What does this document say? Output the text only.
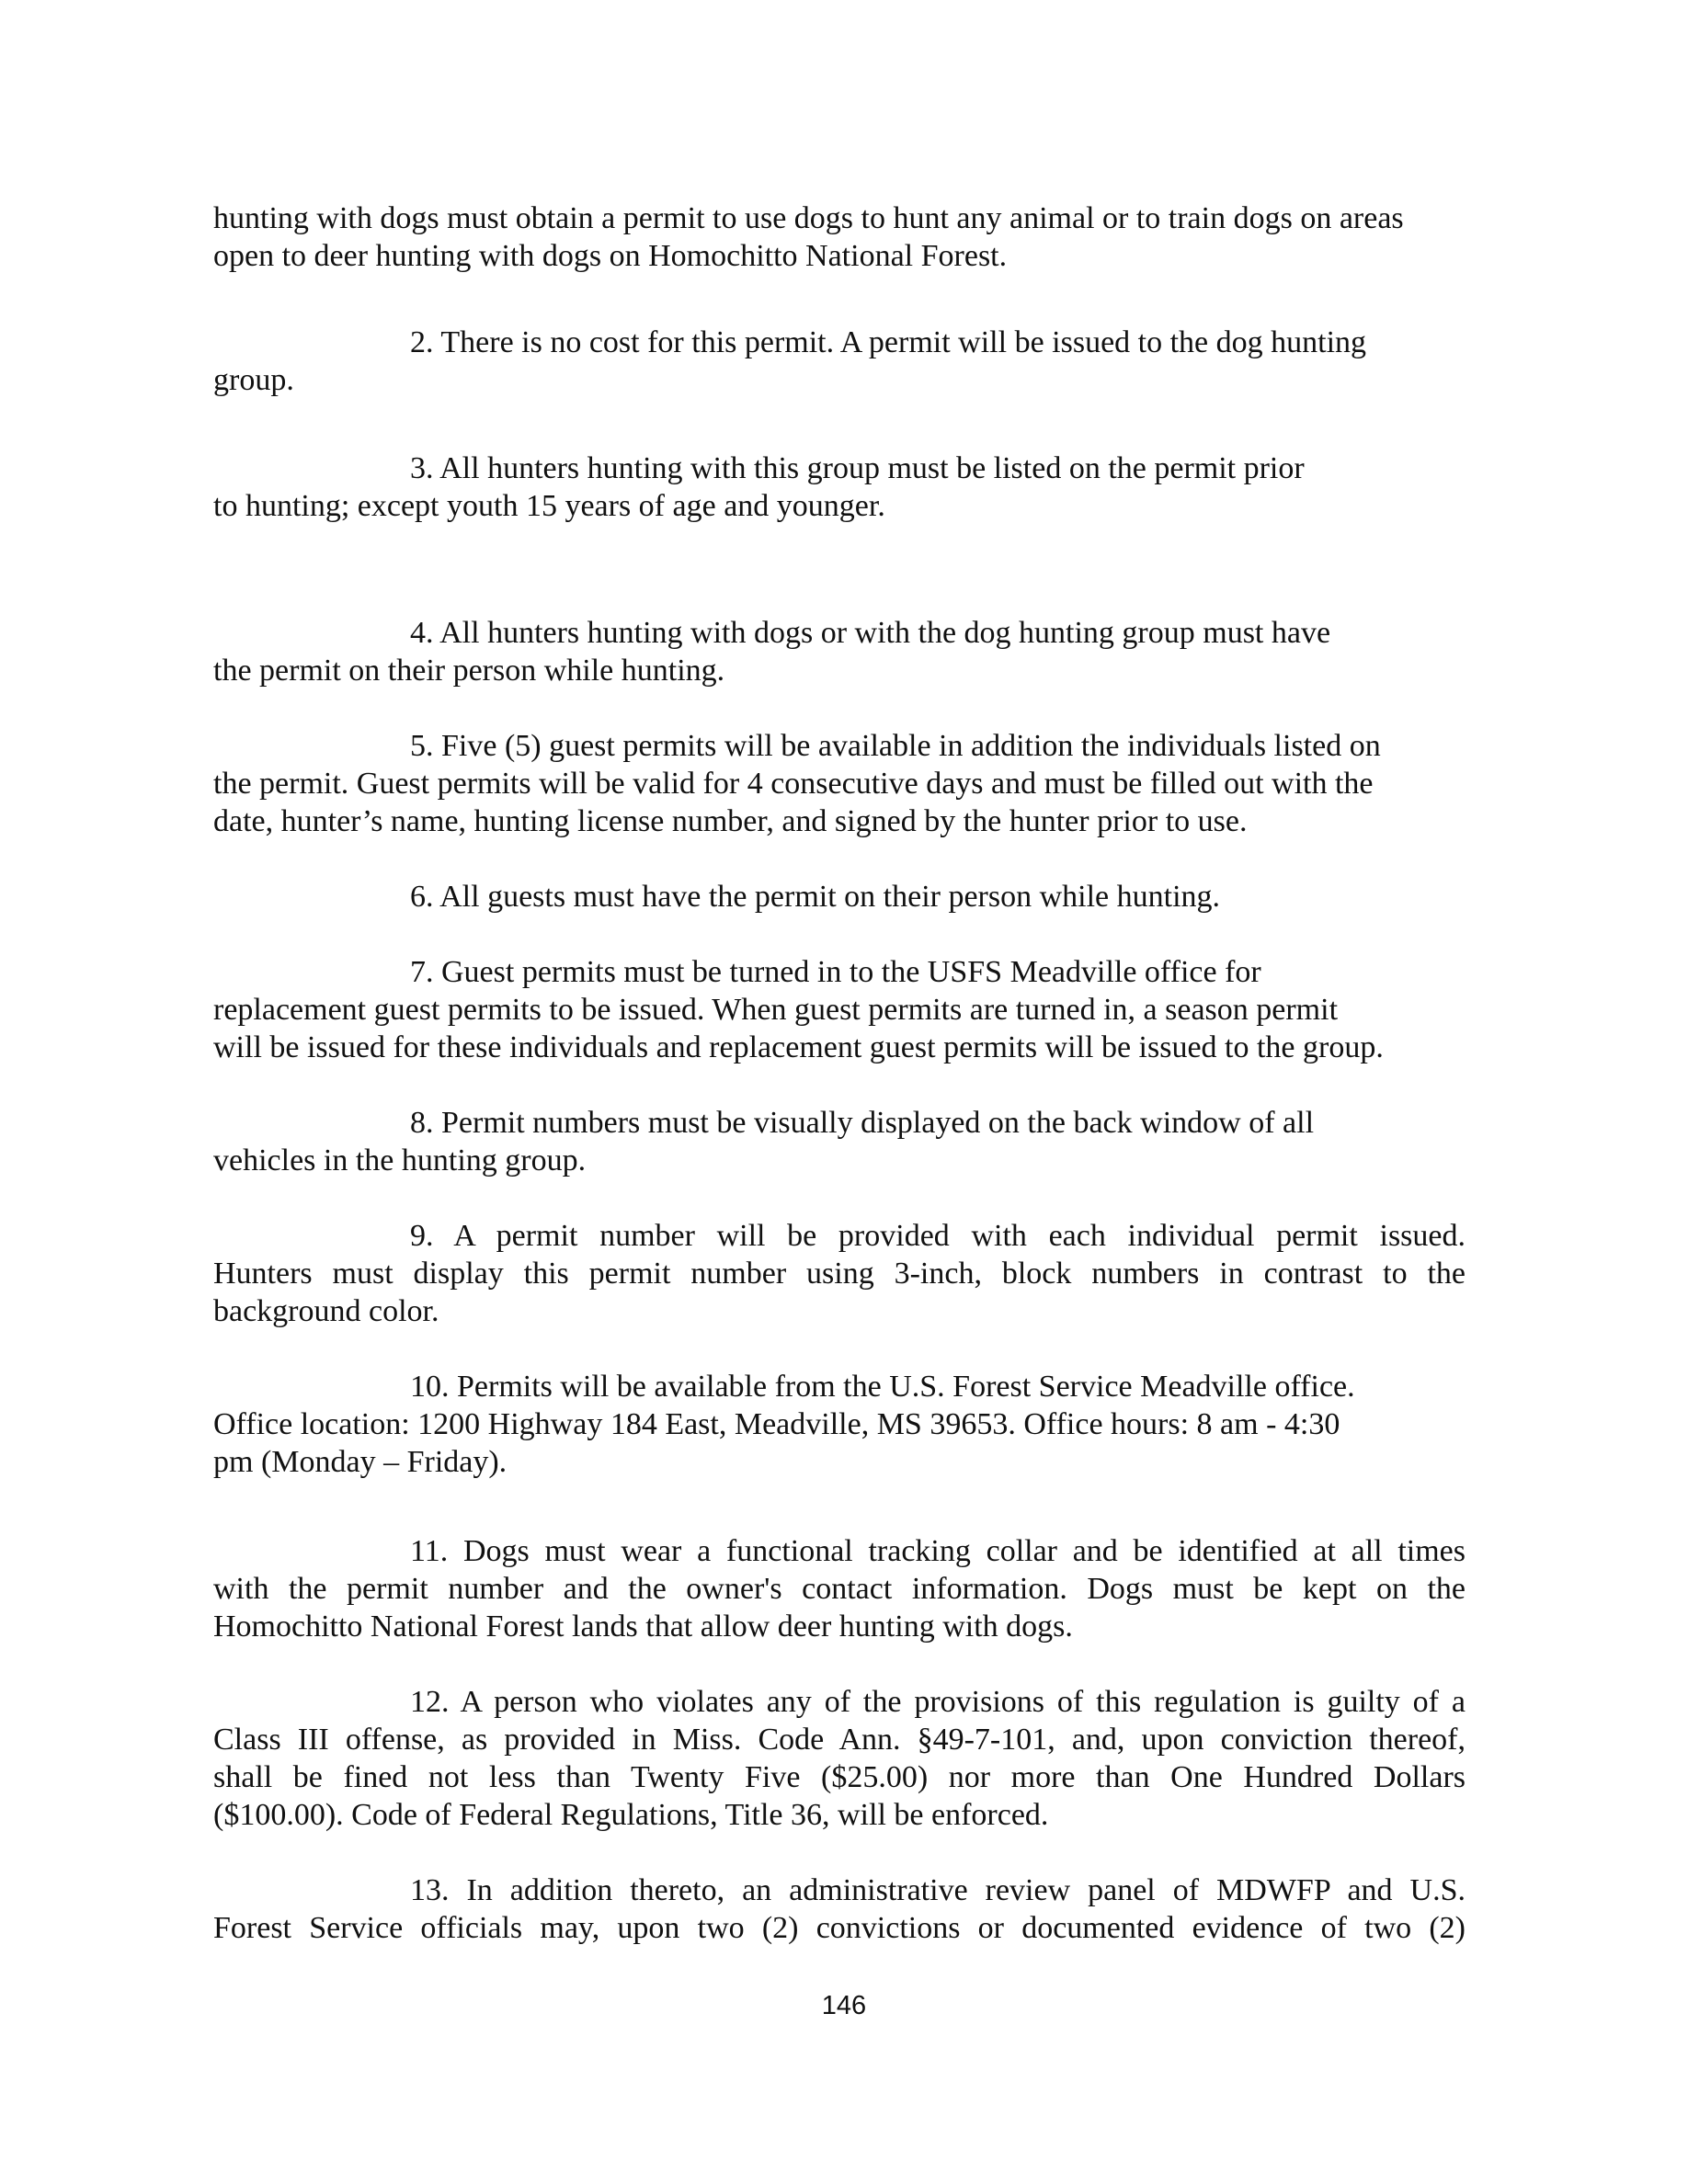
hunting with dogs must obtain a permit to use dogs to hunt any animal or to train dogs on areas
open to deer hunting with dogs on Homochitto National Forest.

2. There is no cost for this permit. A permit will be issued to the dog hunting
group.

3. All hunters hunting with this group must be listed on the permit prior
to hunting; except youth 15 years of age and younger.

4. All hunters hunting with dogs or with the dog hunting group must have
the permit on their person while hunting.

5. Five (5) guest permits will be available in addition the individuals listed on
the permit. Guest permits will be valid for 4 consecutive days and must be filled out with the
date, hunter’s name, hunting license number, and signed by the hunter prior to use.

6. All guests must have the permit on their person while hunting.

7. Guest permits must be turned in to the USFS Meadville office for
replacement guest permits to be issued. When guest permits are turned in, a season permit
will be issued for these individuals and replacement guest permits will be issued to the group.

8. Permit numbers must be visually displayed on the back window of all
vehicles in the hunting group.

9. A permit number will be provided with each individual permit issued.
Hunters must display this permit number using 3-inch, block numbers in contrast to the
background color.

10. Permits will be available from the U.S. Forest Service Meadville office.
Office location: 1200 Highway 184 East, Meadville, MS 39653. Office hours: 8 am - 4:30
pm (Monday – Friday).

11. Dogs must wear a functional tracking collar and be identified at all times
with the permit number and the owner's contact information. Dogs must be kept on the
Homochitto National Forest lands that allow deer hunting with dogs.

12. A person who violates any of the provisions of this regulation is guilty of a
Class III offense, as provided in Miss. Code Ann. §49-7-101, and, upon conviction thereof,
shall be fined not less than Twenty Five ($25.00) nor more than One Hundred Dollars
($100.00). Code of Federal Regulations, Title 36, will be enforced.

13. In addition thereto, an administrative review panel of MDWFP and U.S.
Forest Service officials may, upon two (2) convictions or documented evidence of two (2)

146
